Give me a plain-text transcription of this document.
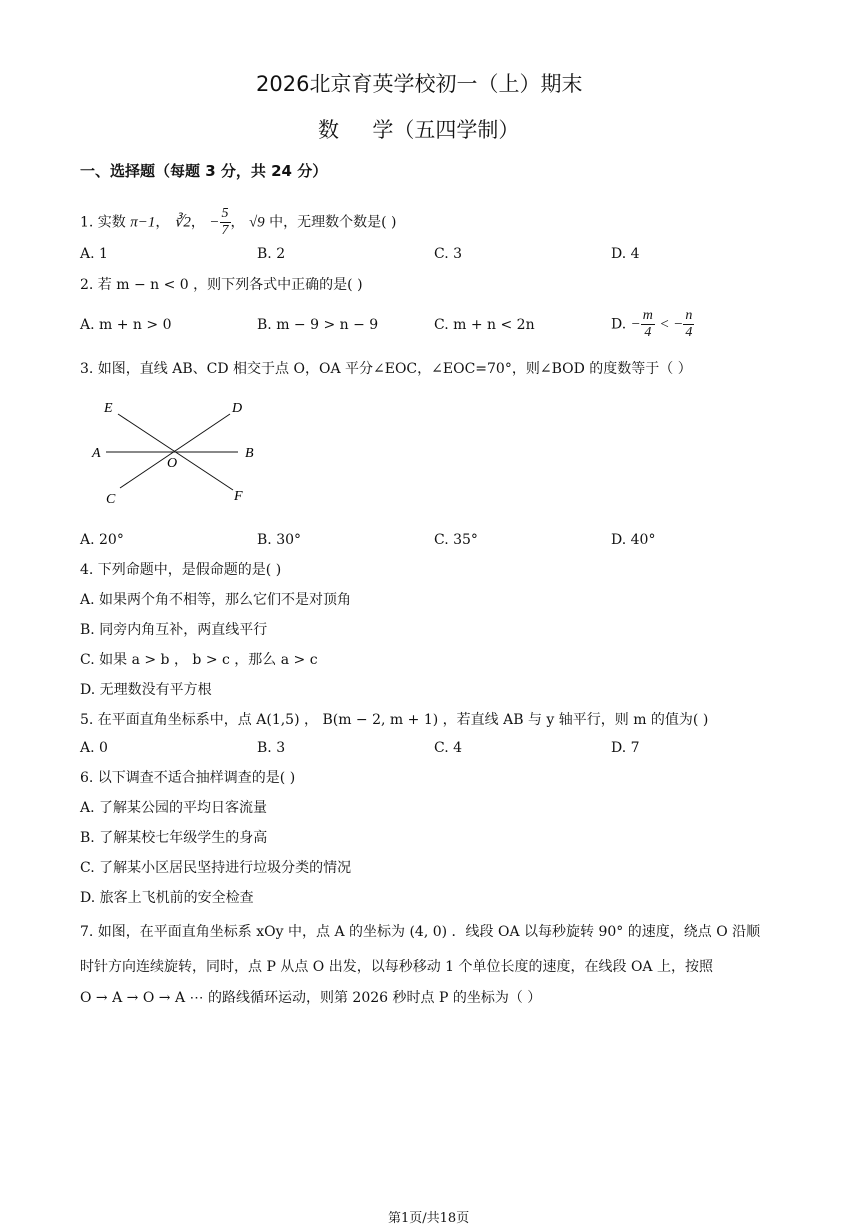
2026北京育英学校初一（上）期末
数     学（五四学制）
一、选择题（每题 3 分，共 24 分）
1. 实数 π−1， ∛2， − $\frac{5}{7}$ ， √9 中，无理数个数是( )
A. 1	B. 2	C. 3	D. 4
2. 若 m − n < 0 ，则下列各式中正确的是( )
A. m + n > 0	B. m − 9 > n − 9	C. m + n < 2n	D. − $\frac{m}{4}$ < − $\frac{n}{4}$
3. 如图，直线 AB、CD 相交于点 O，OA 平分∠EOC，∠EOC=70°，则∠BOD 的度数等于（ ）
E	D
A
O
B
C	F
A. 20°	B. 30°	C. 35°	D. 40°
4. 下列命题中，是假命题的是( )
A. 如果两个角不相等，那么它们不是对顶角
B. 同旁内角互补，两直线平行
C. 如果 a > b ， b > c ，那么 a > c
D. 无理数没有平方根
5. 在平面直角坐标系中，点 A(1,5) ， B(m − 2, m + 1) ，若直线 AB 与 y 轴平行，则 m 的值为( )
A. 0	B. 3	C. 4	D. 7
6. 以下调查不适合抽样调查的是( )
A. 了解某公园的平均日客流量
B. 了解某校七年级学生的身高
C. 了解某小区居民坚持进行垃圾分类的情况
D. 旅客上飞机前的安全检查
7. 如图，在平面直角坐标系 xOy 中，点 A 的坐标为 (4, 0) ．线段 OA 以每秒旋转 90° 的速度，绕点 O 沿顺
时针方向连续旋转，同时，点 P 从点 O 出发，以每秒移动 1 个单位长度的速度，在线段 OA 上，按照
O → A → O → A ⋯ 的路线循环运动，则第 2026 秒时点 P 的坐标为（ ）
第1页/共18页
